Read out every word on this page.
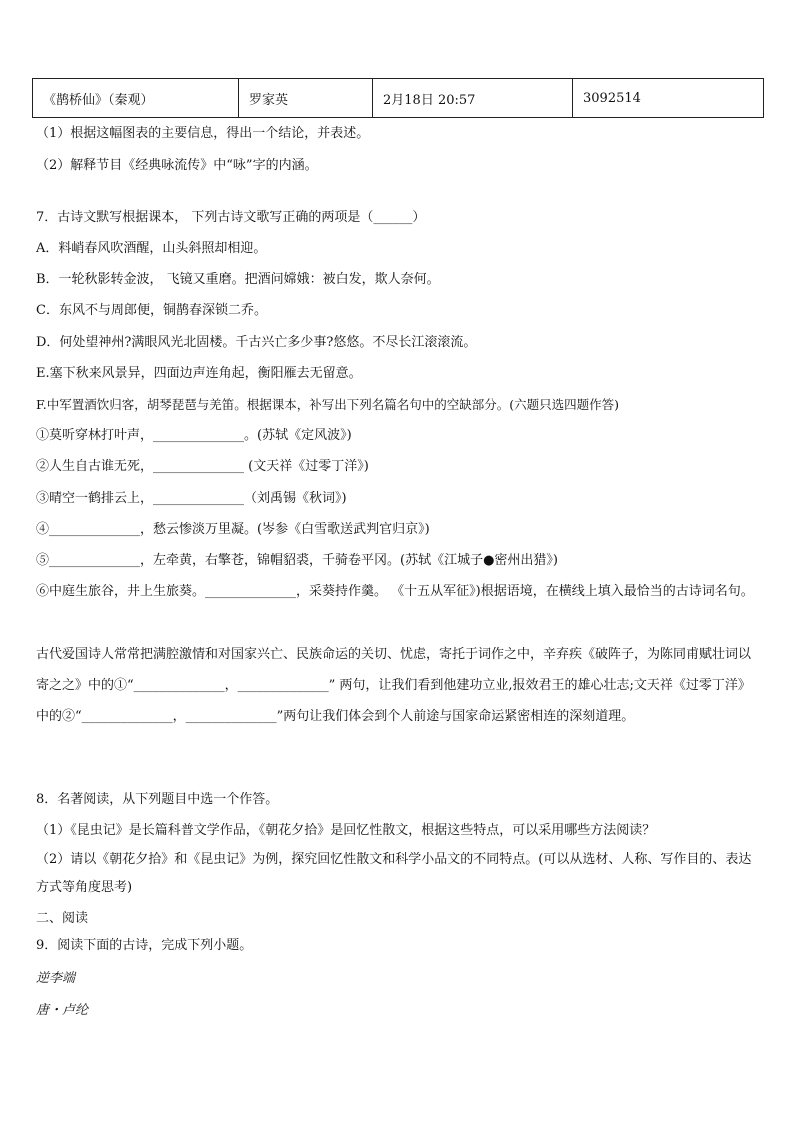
《鹊桥仙》（秦观）	罗家英	2月18日 20:57	3092514
（1）根据这幅图表的主要信息，得出一个结论，并表述。
（2）解释节目《经典咏流传》中“咏”字的内涵。
7．古诗文默写根据课本， 下列古诗文歌写正确的两项是（______）
A．料峭春风吹酒醒，山头斜照却相迎。
B．一轮秋影转金波， 飞镜又重磨。把酒问嫦娥：被白发，欺人奈何。
C．东风不与周郎便，铜鹊春深锁二乔。
D．何处望神州?满眼风光北固楼。千古兴亡多少事?悠悠。不尽长江滚滚流。
E.塞下秋来风景异，四面边声连角起，衡阳雁去无留意。
F.中军置酒饮归客，胡琴琵琶与羌笛。根据课本，补写出下列名篇名句中的空缺部分。(六题只选四题作答)
①莫听穿林打叶声，______________。(苏轼《定风波》)
②人生自古谁无死，______________ (文天祥《过零丁洋》)
③晴空一鹤排云上，______________（刘禹锡《秋词》)
④______________，愁云惨淡万里凝。(岑参《白雪歌送武判官归京》)
⑤______________，左牵黄，右擎苍，锦帽貂裘，千骑卷平冈。(苏轼《江城子●密州出猎》)
⑥中庭生旅谷，井上生旅葵。______________，采葵持作羹。 《十五从军征》)根据语境，在横线上填入最恰当的古诗词名句。
古代爱国诗人常常把满腔激情和对国家兴亡、民族命运的关切、忧虑，寄托于词作之中，辛弃疾《破阵子，为陈同甫赋壮词以寄之之》中的①“______________，______________” 两句，让我们看到他建功立业,报效君王的雄心壮志;文天祥《过零丁洋》中的②“______________，______________”两句让我们体会到个人前途与国家命运紧密相连的深刻道理。
8．名著阅读，从下列题目中选一个作答。
（1）《昆虫记》是长篇科普文学作品，《朝花夕拾》是回忆性散文，根据这些特点，可以采用哪些方法阅读？
（2）请以《朝花夕拾》和《昆虫记》为例，探究回忆性散文和科学小品文的不同特点。(可以从选材、人称、写作目的、表达方式等角度思考)
二、阅读
9．阅读下面的古诗，完成下列小题。
逆李端
唐・卢纶
